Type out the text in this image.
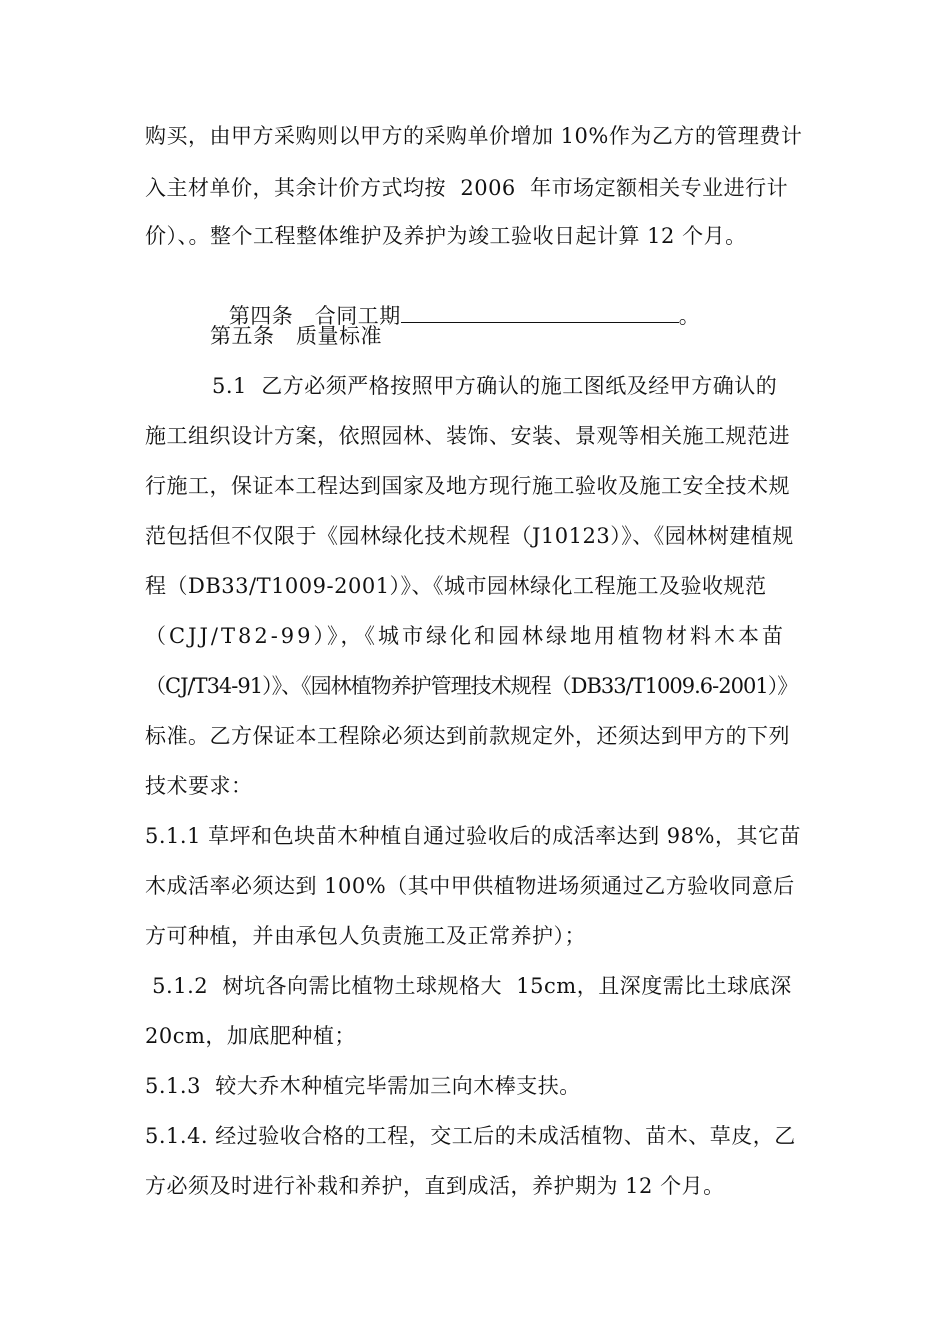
购买，由甲方采购则以甲方的采购单价增加 10%作为乙方的管理费计
入主材单价，其余计价方式均按  2006  年市场定额相关专业进行计
价）、。整个工程整体维护及养护为竣工验收日起计算 12 个月。

第四条　合同工期	。

第五条　质量标准
5.1  乙方必须严格按照甲方确认的施工图纸及经甲方确认的
施工组织设计方案，依照园林、装饰、安装、景观等相关施工规范进
行施工，保证本工程达到国家及地方现行施工验收及施工安全技术规
范包括但不仅限于《园林绿化技术规程（J10123）》、《园林树建植规
程（DB33/T1009-2001）》、《城市园林绿化工程施工及验收规范
（CJJ/T82-99）》，《城市绿化和园林绿地用植物材料木本苗
（CJ/T34-91）》、《园林植物养护管理技术规程（DB33/T1009.6-2001）》
标准。乙方保证本工程除必须达到前款规定外，还须达到甲方的下列
技术要求：
5.1.1 草坪和色块苗木种植自通过验收后的成活率达到 98%，其它苗
木成活率必须达到 100%（其中甲供植物进场须通过乙方验收同意后
方可种植，并由承包人负责施工及正常养护）；
5.1.2  树坑各向需比植物土球规格大  15cm，且深度需比土球底深
20cm，加底肥种植；
5.1.3  较大乔木种植完毕需加三向木棒支扶。
5.1.4. 经过验收合格的工程，交工后的未成活植物、苗木、草皮，乙
方必须及时进行补栽和养护，直到成活，养护期为 12 个月。
